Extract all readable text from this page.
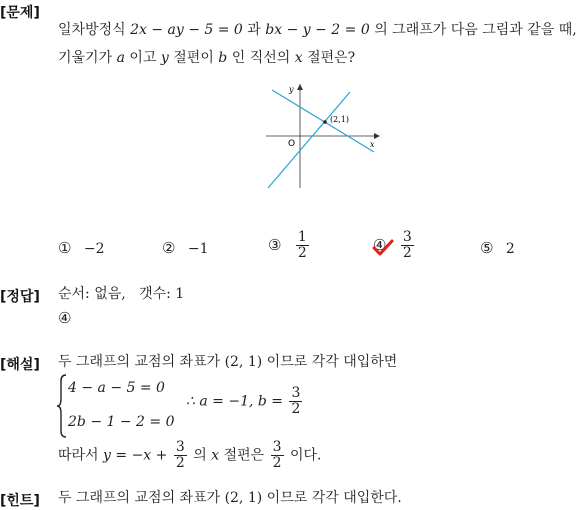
[문제]
일차방정식 2x − ay − 5 = 0 과 bx − y − 2 = 0 의 그래프가 다음 그림과 같을 때,
기울기가 a 이고 y 절편이 b 인 직선의 x 절편은?
(2,1)
y
x
O
① −2	② −1	③ $\frac{1}{2}$	④ $\frac{3}{2}$	⑤ 2
[정답] 순서: 없음, 갯수: 1
④
[해설] 두 그래프의 교점의 좌표가 (2, 1) 이므로 각각 대입하면
4 − a − 5 = 0
2b − 1 − 2 = 0
∴ a = −1, $b = \frac{3}{2}$
따라서 $y = -x + \frac{3}{2}$ 의 x 절편은 $\frac{3}{2}$ 이다.
[힌트] 두 그래프의 교점의 좌표가 (2, 1) 이므로 각각 대입한다.
